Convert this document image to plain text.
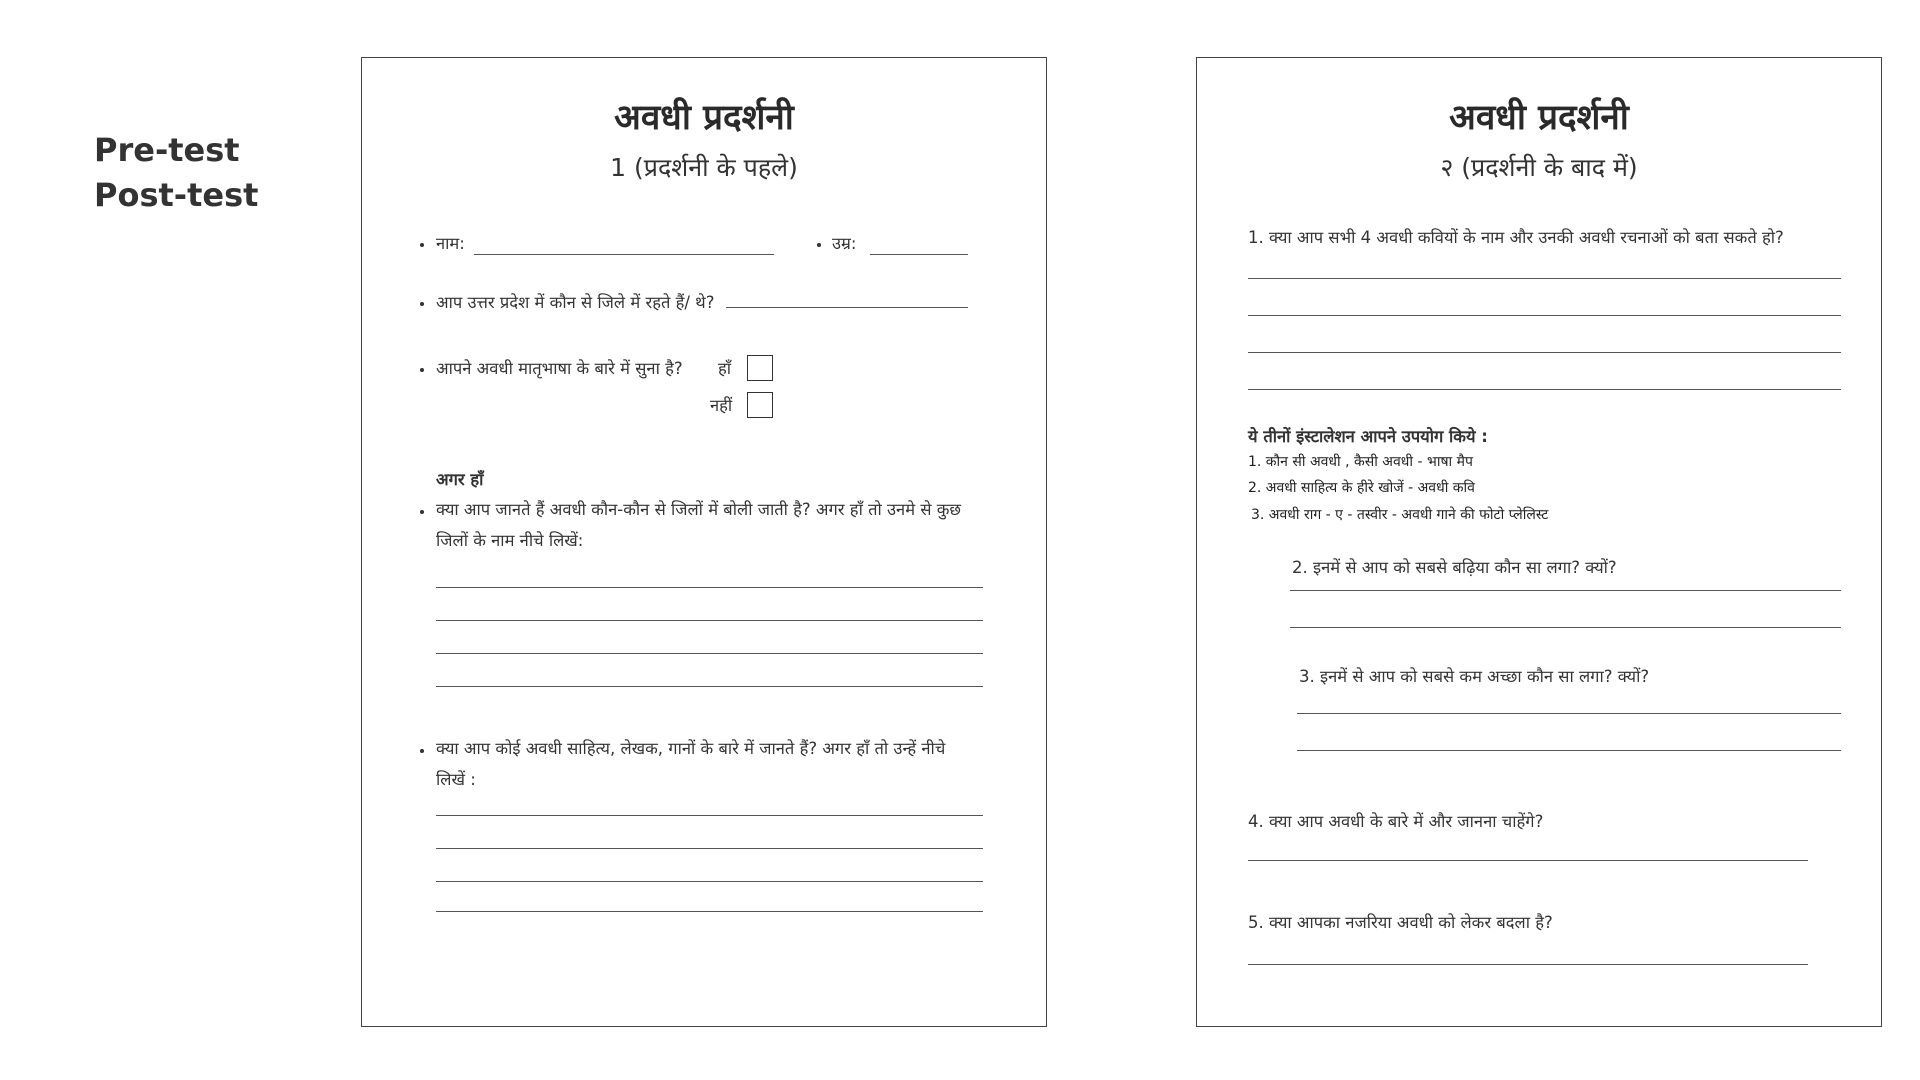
Pre-test
Post-test
अवधी प्रदर्शनी
1 (प्रदर्शनी के पहले)
नाम:	उम्र:
आप उत्तर प्रदेश में कौन से जिले में रहते हैं/ थे?
आपने अवधी मातृभाषा के बारे में सुना है? हाँ
नहीं
अगर हाँ
क्या आप जानते हैं अवधी कौन-कौन से जिलों में बोली जाती है? अगर हाँ तो उनमे से कुछ जिलों के नाम नीचे लिखें:
क्या आप कोई अवधी साहित्य, लेखक, गानों के बारे में जानते हैं? अगर हाँ तो उन्हें नीचे लिखें :
अवधी प्रदर्शनी
२ (प्रदर्शनी के बाद में)
1. क्या आप सभी 4 अवधी कवियों के नाम और उनकी अवधी रचनाओं को बता सकते हो?
ये तीनों इंस्टालेशन आपने उपयोग किये :
1. कौन सी अवधी , कैसी अवधी - भाषा मैप
2. अवधी साहित्य के हीरे खोजें - अवधी कवि
3. अवधी राग - ए - तस्वीर - अवधी गाने की फोटो प्लेलिस्ट
2. इनमें से आप को सबसे बढ़िया कौन सा लगा? क्यों?
3. इनमें से आप को सबसे कम अच्छा कौन सा लगा? क्यों?
4. क्या आप अवधी के बारे में और जानना चाहेंगे?
5. क्या आपका नजरिया अवधी को लेकर बदला है?
